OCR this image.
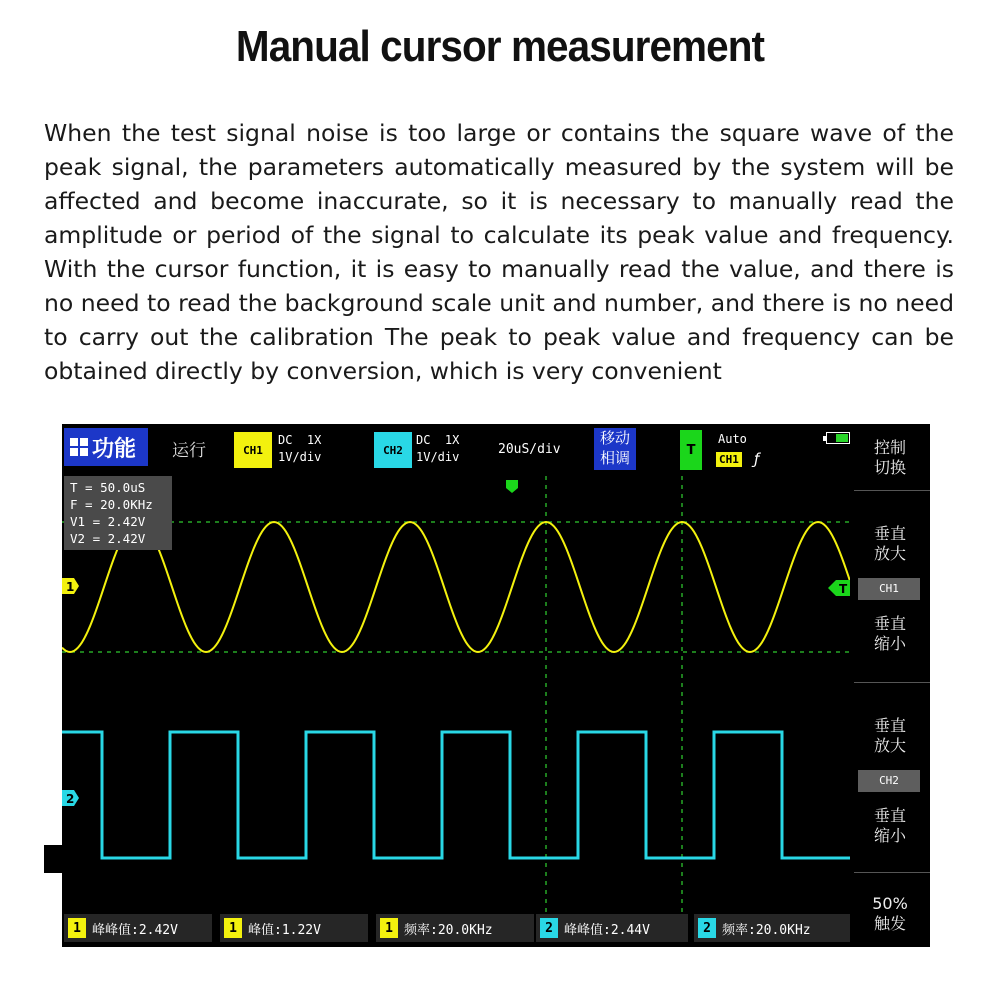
Manual cursor measurement

When the test signal noise is too large or contains the square wave of the peak signal, the parameters automatically measured by the system will be affected and become inaccurate, so it is necessary to manually read the amplitude or period of the signal to calculate its peak value and frequency. With the cursor function, it is easy to manually read the value, and there is no need to read the background scale unit and number, and there is no need to carry out the calibration The peak to peak value and frequency can be obtained directly by conversion, which is very convenient

功能 运行	CH1
DC  1X
1V/div	CH2
DC  1X
1V/div	20uS/div
移动
相调	T
Auto
CH1 ƒ
1
2
T
T = 50.0uS
F = 20.0KHz
V1 = 2.42V
V2 = 2.42V
控制
切换
垂直
放大
CH1
垂直
缩小
垂直
放大
CH2
垂直
缩小
50%
触发
1 峰峰值:2.42V	1 峰值:1.22V	1 频率:20.0KHz	2 峰峰值:2.44V	2 频率:20.0KHz
